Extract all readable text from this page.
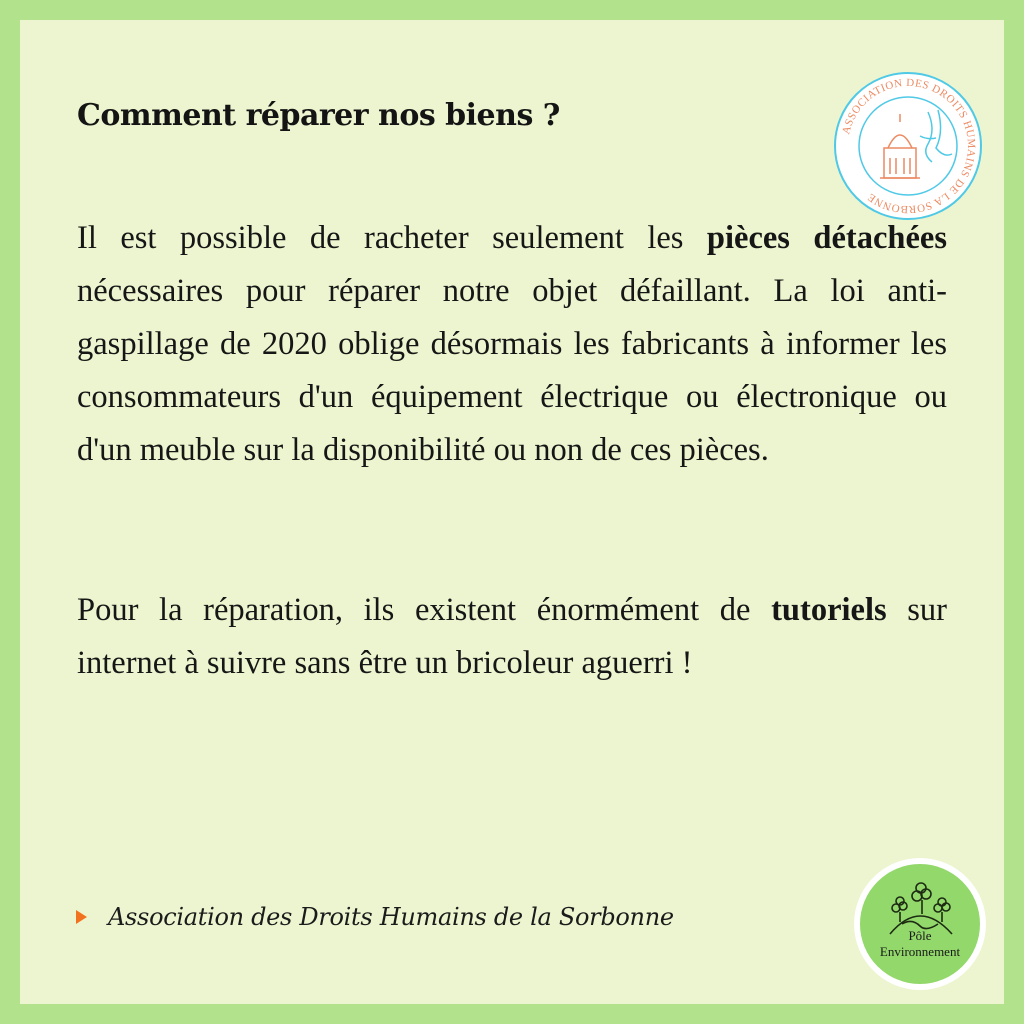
Comment réparer nos biens ?	ASSOCIATION DES DROITS HUMAINS DE LA SORBONNE

Il est possible de racheter seulement les pièces détachées nécessaires pour réparer notre objet défaillant. La loi anti-gaspillage de 2020 oblige désormais les fabricants à informer les consommateurs d'un équipement électrique ou électronique ou d'un meuble sur la disponibilité ou non de ces pièces.

Pour la réparation, ils existent énormément de tutoriels sur internet à suivre sans être un bricoleur aguerri !

Association des Droits Humains de la Sorbonne
Pôle
Environnement
